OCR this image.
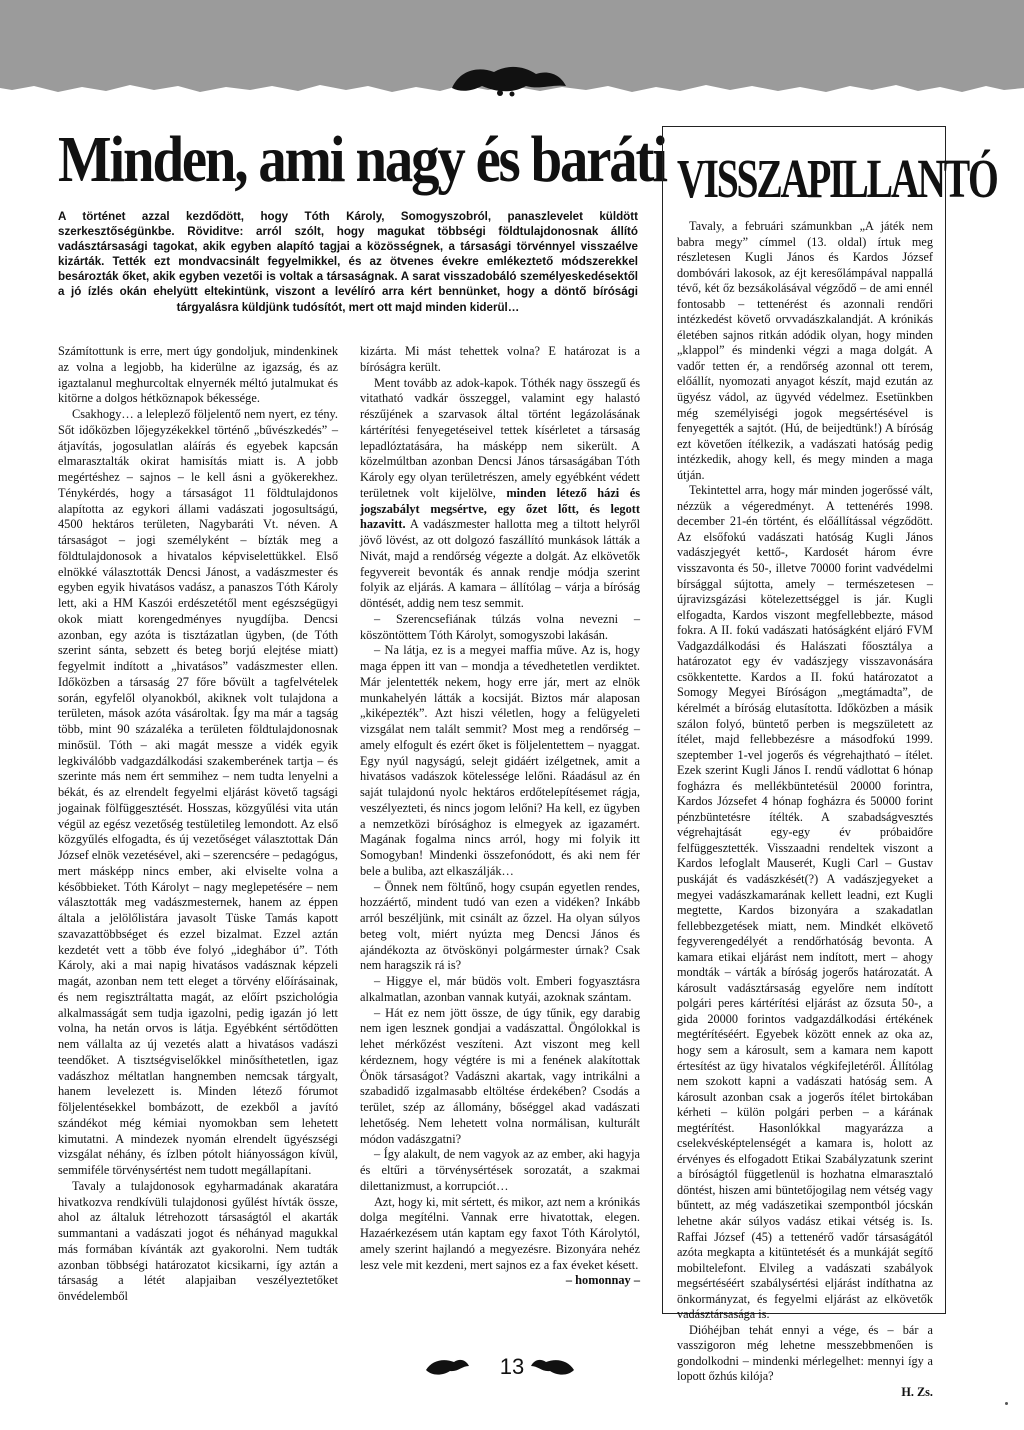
Minden, ami nagy és baráti
A történet azzal kezdődött, hogy Tóth Károly, Somogyszobról, panaszlevelet küldött szerkesztőségünkbe. Röviditve: arról szólt, hogy magukat többségi földtulajdonosnak állító vadásztársasági tagokat, akik egyben alapító tagjai a közösségnek, a társasági törvénnyel visszaélve kizárták. Tették ezt mondvacsinált fegyelmikkel, és az ötvenes évekre emlékeztető módszerekkel besározták őket, akik egyben vezetői is voltak a társaságnak. A sarat visszadobáló személyeskedésektől a jó ízlés okán ehelyütt eltekintünk, viszont a levélíró arra kért bennünket, hogy a döntő bírósági tárgyalásra küldjünk tudósítót, mert ott majd minden kiderül…

Számítottunk is erre, mert úgy gondoljuk, mindenkinek az volna a legjobb, ha kiderülne az igazság, és az igaztalanul meghurcoltak elnyernék méltó jutalmukat és kitörne a dolgos hétköznapok békessége.

Csakhogy… a leleplező följelentő nem nyert, ez tény. Sőt időközben lőjegyzékekkel történő „bűvészkedés” – átjavítás, jogosulatlan aláírás és egyebek kapcsán elmarasztalták okirat hamisítás miatt is. A jobb megértéshez – sajnos – le kell ásni a gyökerekhez. Ténykérdés, hogy a társaságot 11 földtulajdonos alapította az egykori állami vadászati jogosultságú, 4500 hektáros területen, Nagybaráti Vt. néven. A társaságot – jogi személyként – bízták meg a földtulajdonosok a hivatalos képviselettükkel. Első elnökké választották Dencsi Jánost, a vadászmester és egyben egyik hivatásos vadász, a panaszos Tóth Károly lett, aki a HM Kaszói erdészetétől ment egészségügyi okok miatt korengedményes nyugdíjba. Dencsi azonban, egy azóta is tisztázatlan ügyben, (de Tóth szerint sánta, sebzett és beteg borjú elejtése miatt) fegyelmit indított a „hivatásos” vadászmester ellen. Időközben a társaság 27 főre bővült a tagfelvételek során, egyfelől olyanokból, akiknek volt tulajdona a területen, mások azóta vásároltak. Így ma már a tagság több, mint 90 százaléka a területen földtulajdonosnak minősül. Tóth – aki magát messze a vidék egyik legkiválóbb vadgazdálkodási szakemberének tartja – és szerinte más nem ért semmihez – nem tudta lenyelni a békát, és az elrendelt fegyelmi eljárást követő tagsági jogainak fölfüggesztését. Hosszas, közgyűlési vita után végül az egész vezetőség testületileg lemondott. Az első közgyűlés elfogadta, és új vezetőséget választottak Dán József elnök vezetésével, aki – szerencsére – pedagógus, mert másképp nincs ember, aki elviselte volna a későbbieket. Tóth Károlyt – nagy meglepetésére – nem választották meg vadászmesternek, hanem az éppen általa a jelölőlistára javasolt Tüske Tamás kapott szavazattöbbséget és ezzel bizalmat. Ezzel aztán kezdetét vett a több éve folyó „ideghábor ú”. Tóth Károly, aki a mai napig hivatásos vadásznak képzeli magát, azonban nem tett eleget a törvény előírásainak, és nem regisztráltatta magát, az előírt pszichológia alkalmasságát sem tudja igazolni, pedig igazán jó lett volna, ha netán orvos is látja. Egyébként sértődötten nem vállalta az új vezetés alatt a hivatásos vadászi teendőket. A tisztségviselőkkel minősíthetetlen, igaz vadászhoz méltatlan hangnemben nemcsak tárgyalt, hanem levelezett is. Minden létező fórumot följelentésekkel bombázott, de ezekből a javító szándékot még kémiai nyomokban sem lehetett kimutatni. A mindezek nyomán elrendelt ügyészségi vizsgálat néhány, és ízlben pótolt hiányosságon kívül, semmiféle törvénysértést nem tudott megállapítani.

Tavaly a tulajdonosok egyharmadának akaratára hivatkozva rendkívüli tulajdonosi gyűlést hívták össze, ahol az általuk létrehozott társaságtól el akarták summantani a vadászati jogot és néhányad magukkal más formában kívánták azt gyakorolni. Nem tudták azonban többségi határozatot kicsikarni, így aztán a társaság a létét alapjaiban veszélyeztetőket önvédelemből

kizárta. Mi mást tehettek volna? E határozat is a bíróságra került.

Ment tovább az adok-kapok. Tóthék nagy összegű és vitatható vadkár összeggel, valamint egy halastó részűjének a szarvasok által történt legázolásának kártérítési fenyegetéseivel tettek kísérletet a társaság lepadlóztatására, ha másképp nem sikerült. A közelmúltban azonban Dencsi János társaságában Tóth Károly egy olyan területrészen, amely egyébként védett területnek volt kijelölve, minden létező házi és jogszabályt megsértve, egy őzet lőtt, és legott hazavitt. A vadászmester hallotta meg a tiltott helyről jövő lövést, az ott dolgozó faszállító munkások látták a Nivát, majd a rendőrség végezte a dolgát. Az elkövetők fegyvereit bevonták és annak rendje módja szerint folyik az eljárás. A kamara – állítólag – várja a bíróság döntését, addig nem tesz semmit.

– Szerencsefiának túlzás volna nevezni – köszöntöttem Tóth Károlyt, somogyszobi lakásán.

– Na látja, ez is a megyei maffia műve. Az is, hogy maga éppen itt van – mondja a tévedhetetlen verdiktet. Már jelentették nekem, hogy erre jár, mert az elnök munkahelyén látták a kocsiját. Biztos már alaposan „kiképezték”. Azt hiszi véletlen, hogy a felügyeleti vizsgálat nem talált semmit? Most meg a rendőrség – amely elfogult és ezért őket is följelentettem – nyaggat. Egy nyúl nagyságú, selejt gidáért izélgetnek, amit a hivatásos vadászok kötelessége lelőni. Ráadásul az én saját tulajdonú nyolc hektáros erdőtelepítésemet rágja, veszélyezteti, és nincs jogom lelőni? Ha kell, ez ügyben a nemzetközi bírósághoz is elmegyek az igazamért. Magának fogalma nincs arról, hogy mi folyik itt Somogyban! Mindenki összefonódott, és aki nem fér bele a buliba, azt elkaszálják…

– Önnek nem föltűnő, hogy csupán egyetlen rendes, hozzáértő, mindent tudó van ezen a vidéken? Inkább arról beszéljünk, mit csinált az őzzel. Ha olyan súlyos beteg volt, miért nyúzta meg Dencsi János és ajándékozta az ötvöskönyi polgármester úrnak? Csak nem haragszik rá is?

– Higgye el, már büdös volt. Emberi fogyasztásra alkalmatlan, azonban vannak kutyái, azoknak szántam.

– Hát ez nem jött össze, de úgy tűnik, egy darabig nem igen lesznek gondjai a vadászattal. Öngólokkal is lehet mérkőzést veszíteni. Azt viszont meg kell kérdeznem, hogy végtére is mi a fenének alakítottak Önök társaságot? Vadászni akartak, vagy intrikálni a szabadidő izgalmasabb eltöltése érdekében? Csodás a terület, szép az állomány, bőséggel akad vadászati lehetőség. Nem lehetett volna normálisan, kulturált módon vadászgatni?

– Így alakult, de nem vagyok az az ember, aki hagyja és eltűri a törvénysértések sorozatát, a szakmai dilettanizmust, a korrupciót…

Azt, hogy ki, mit sértett, és mikor, azt nem a krónikás dolga megítélni. Vannak erre hivatottak, elegen. Hazaérkezésem után kaptam egy faxot Tóth Károlytól, amely szerint hajlandó a megyezésre. Bizonyára nehéz lesz vele mit kezdeni, mert sajnos ez a fax éveket késett.

– homonnay –

VISSZAPILLANTÓ

Tavaly, a februári számunkban „A játék nem babra megy” címmel (13. oldal) írtuk meg részletesen Kugli János és Kardos József dombóvári lakosok, az éjt keresőlámpával nappallá tévő, két őz bezsákolásával végződő – de ami ennél fontosabb – tettenérést és azonnali rendőri intézkedést követő orvvadászkalandját. A krónikás életében sajnos ritkán adódik olyan, hogy minden „klappol” és mindenki végzi a maga dolgát. A vadőr tetten ér, a rendőrség azonnal ott terem, előállít, nyomozati anyagot készít, majd ezután az ügyész vádol, az ügyvéd védelmez. Esetünkben még személyiségi jogok megsértésével is fenyegették a sajtót. (Hú, de beijedtünk!) A bíróság ezt követően ítélkezik, a vadászati hatóság pedig intézkedik, ahogy kell, és megy minden a maga útján.

Tekintettel arra, hogy már minden jogerőssé vált, nézzük a végeredményt. A tettenérés 1998. december 21-én történt, és előállítással végződött. Az elsőfokú vadászati hatóság Kugli János vadászjegyét kettő-, Kardosét három évre visszavonta és 50-, illetve 70000 forint vadvédelmi bírsággal sújtotta, amely – természetesen – újravizsgázási kötelezettséggel is jár. Kugli elfogadta, Kardos viszont megfellebbezte, másod fokra. A II. fokú vadászati hatóságként eljáró FVM Vadgazdálkodási és Halászati főosztálya a határozatot egy év vadászjegy visszavonására csökkentette. Kardos a II. fokú határozatot a Somogy Megyei Bíróságon „megtámadta”, de kérelmét a bíróság elutasította. Időközben a másik szálon folyó, büntető perben is megszületett az ítélet, majd fellebbezésre a másodfokú 1999. szeptember 1-vel jogerős és végrehajtható – ítélet. Ezek szerint Kugli János I. rendű vádlottat 6 hónap fogházra és mellékbüntetésül 20000 forintra, Kardos Józsefet 4 hónap fogházra és 50000 forint pénzbüntetésre ítélték. A szabadságvesztés végrehajtását egy-egy év próbaidőre felfüggesztették. Visszaadni rendeltek viszont a Kardos lefoglalt Mauserét, Kugli Carl – Gustav puskáját és vadászkését(?) A vadászjegyeket a megyei vadászkamarának kellett leadni, ezt Kugli megtette, Kardos bizonyára a szakadatlan fellebbezgetések miatt, nem. Mindkét elkövető fegyverengedélyét a rendőrhatóság bevonta. A kamara etikai eljárást nem indított, mert – ahogy mondták – várták a bíróság jogerős határozatát. A károsult vadásztársaság egyelőre nem indított polgári peres kártérítési eljárást az őzsuta 50-, a gida 20000 forintos vadgazdálkodási értékének megtérítéséért. Egyebek között ennek az oka az, hogy sem a károsult, sem a kamara nem kapott értesítést az ügy hivatalos végkifejletéről. Állítólag nem szokott kapni a vadászati hatóság sem. A károsult azonban csak a jogerős ítélet birtokában kérheti – külön polgári perben – a kárának megtérítést. Hasonlókkal magyarázza a cselekvésképtelenségét a kamara is, holott az érvényes és elfogadott Etikai Szabályzatunk szerint a bíróságtól függetlenül is hozhatna elmarasztaló döntést, hiszen ami büntetőjogilag nem vétség vagy bűntett, az még vadászetikai szempontból jócskán lehetne akár súlyos vadász etikai vétség is. Is. Raffai József (45) a tettenérő vadőr társaságától azóta megkapta a kitüntetését és a munkáját segítő mobiltelefont. Elvileg a vadászati szabályok megsértéséért szabálysértési eljárást indíthatna az önkormányzat, és fegyelmi eljárást az elkövetők vadásztársasága is.

Dióhéjban tehát ennyi a vége, és – bár a vasszigoron még lehetne messzebbmenően is gondolkodni – mindenki mérlegelhet: mennyi így a lopott őzhús kilója?

H. Zs.

13
